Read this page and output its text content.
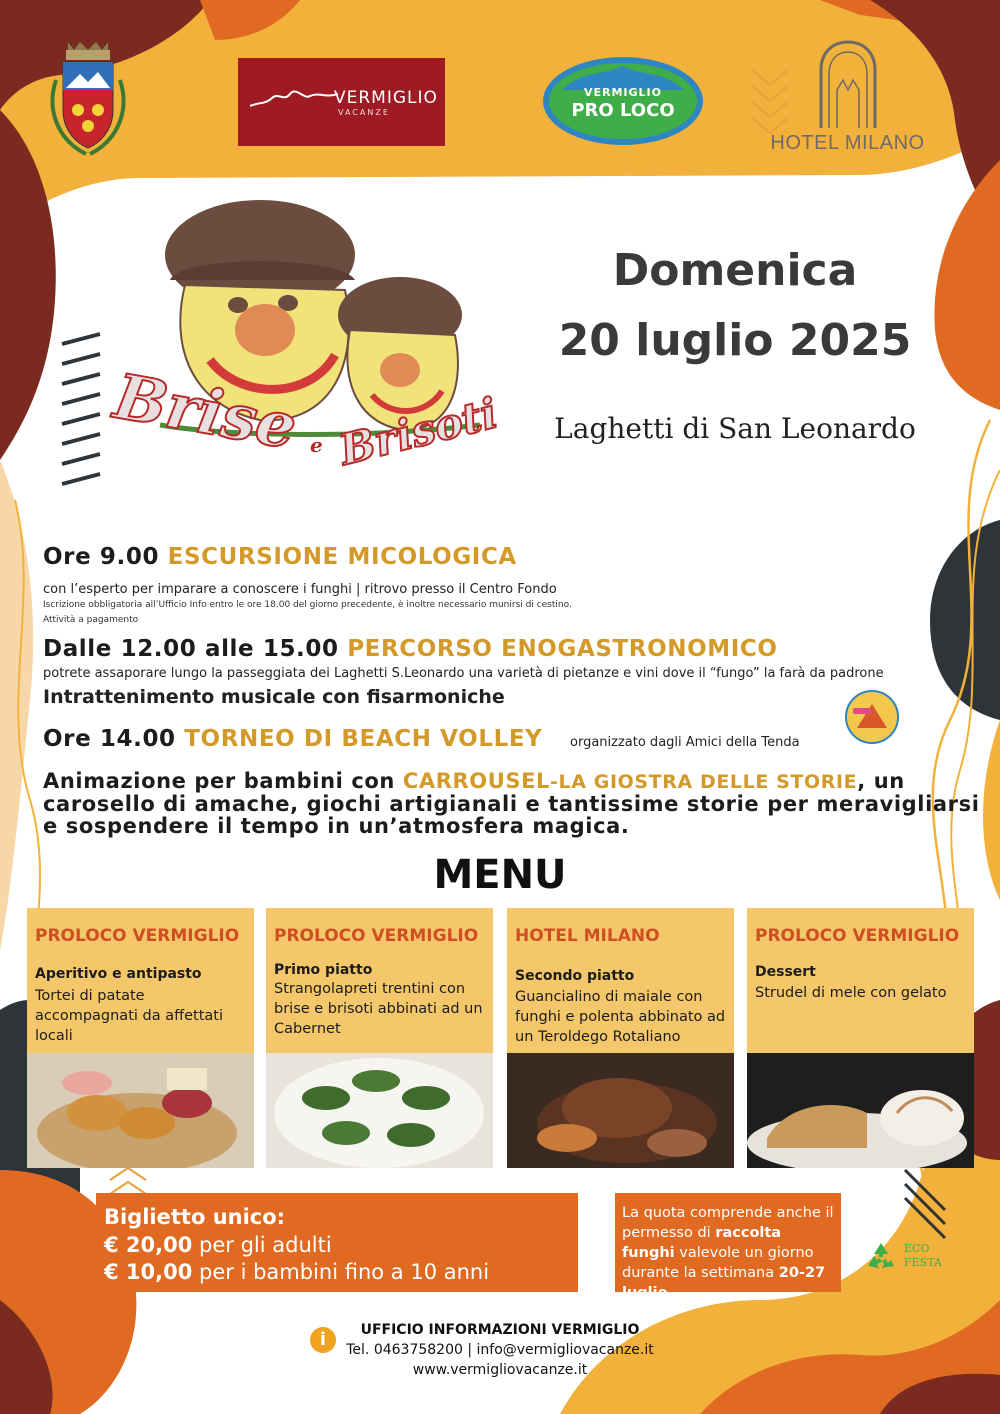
VERMIGLIO
VACANZE
VERMIGLIO
PRO LOCO
HOTEL MILANO
Brise e Brisoti
Domenica
20 luglio 2025
Laghetti di San Leonardo
Ore 9.00 ESCURSIONE MICOLOGICA
con l’esperto per imparare a conoscere i funghi | ritrovo presso il Centro Fondo
Iscrizione obbligatoria all’Ufficio Info entro le ore 18.00 del giorno precedente, è inoltre necessario munirsi di cestino.
Attività a pagamento
Dalle 12.00 alle 15.00 PERCORSO ENOGASTRONOMICO
potrete assaporare lungo la passeggiata dei Laghetti S.Leonardo una varietà di pietanze e vini dove il “fungo” la farà da padrone
Intrattenimento musicale con fisarmoniche
Ore 14.00 TORNEO DI BEACH VOLLEY organizzato dagli Amici della Tenda
Animazione per bambini con CARROUSEL-LA GIOSTRA DELLE STORIE, un carosello di amache, giochi artigianali e tantissime storie per meravigliarsi e sospendere il tempo in un’atmosfera magica.
MENU
PROLOCO VERMIGLIO
Aperitivo e antipasto
Tortei di patate accompagnati da affettati locali
PROLOCO VERMIGLIO
Primo piatto
Strangolapreti trentini con brise e brisoti abbinati ad un Cabernet
HOTEL MILANO
Secondo piatto
Guancialino di maiale con funghi e polenta abbinato ad un Teroldego Rotaliano
PROLOCO VERMIGLIO
Dessert
Strudel di mele con gelato
Biglietto unico:
€ 20,00 per gli adulti
€ 10,00 per i bambini fino a 10 anni
La quota comprende anche il permesso di raccolta funghi valevole un giorno durante la settimana 20-27 luglio
ECO
FESTA
i	UFFICIO INFORMAZIONI VERMIGLIO
Tel. 0463758200 | info@vermigliovacanze.it
www.vermigliovacanze.it
